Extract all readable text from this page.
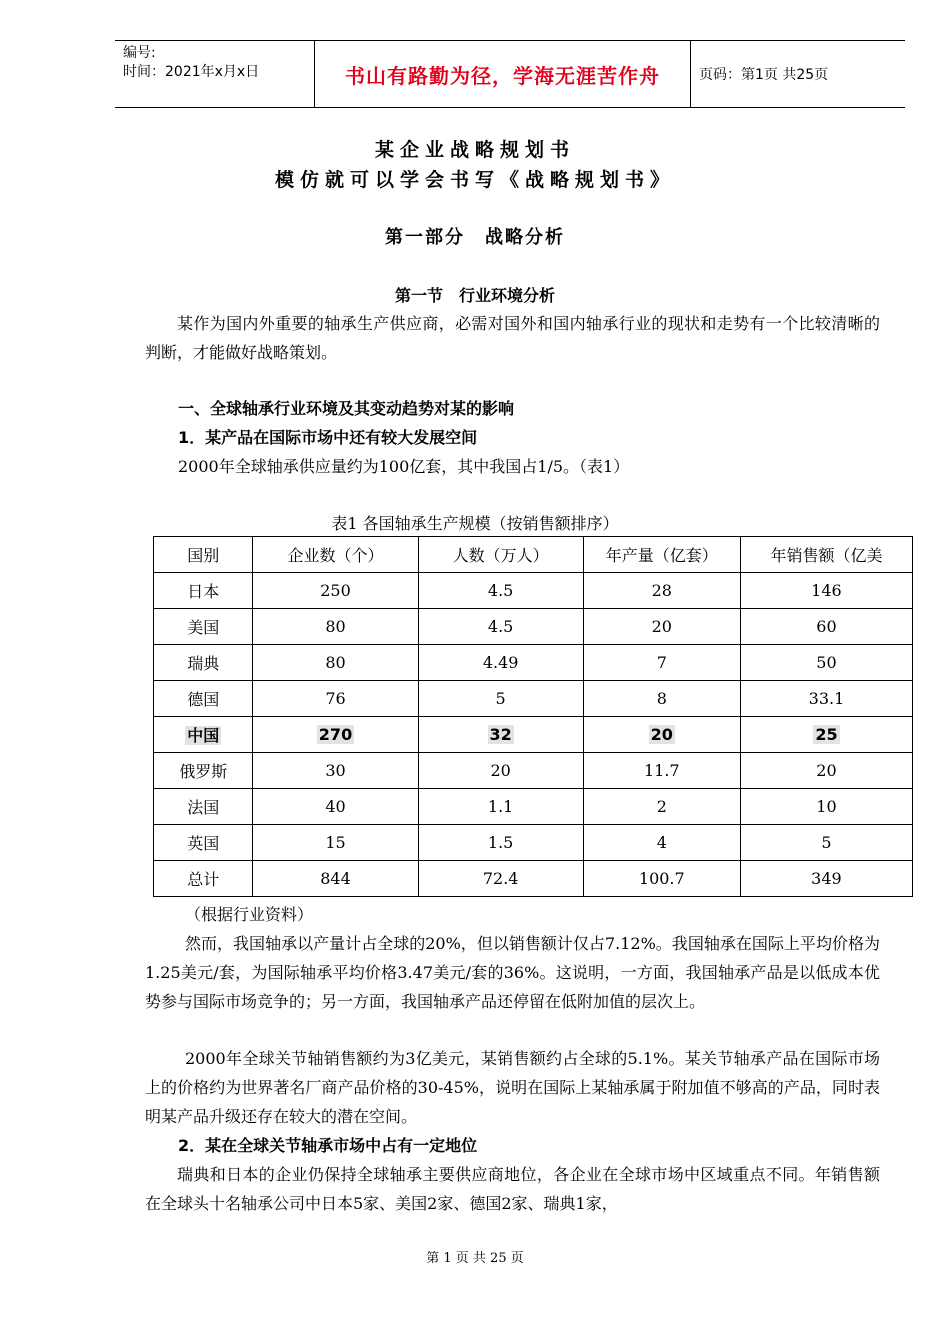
编号:
时间：2021年x月x日	书山有路勤为径，学海无涯苦作舟	页码：第1页 共25页
某企业战略规划书
模仿就可以学会书写《战略规划书》
第一部分　战略分析
第一节　行业环境分析
某作为国内外重要的轴承生产供应商，必需对国外和国内轴承行业的现状和走势有一个比较清晰的判断，才能做好战略策划。
一、全球轴承行业环境及其变动趋势对某的影响
1．某产品在国际市场中还有较大发展空间
2000年全球轴承供应量约为100亿套，其中我国占1/5。（表1）
表1 各国轴承生产规模（按销售额排序）
国别	企业数（个）	人数（万人）	年产量（亿套）	年销售额（亿美
日本	250	4.5	28	146
美国	80	4.5	20	60
瑞典	80	4.49	7	50
德国	76	5	8	33.1
中国	270	32	20	25
俄罗斯	30	20	11.7	20
法国	40	1.1	2	10
英国	15	1.5	4	5
总计	844	72.4	100.7	349
（根据行业资料）
然而，我国轴承以产量计占全球的20%，但以销售额计仅占7.12%。我国轴承在国际上平均价格为1.25美元/套，为国际轴承平均价格3.47美元/套的36%。这说明，一方面，我国轴承产品是以低成本优势参与国际市场竞争的；另一方面，我国轴承产品还停留在低附加值的层次上。
2000年全球关节轴销售额约为3亿美元，某销售额约占全球的5.1%。某关节轴承产品在国际市场上的价格约为世界著名厂商产品价格的30-45%，说明在国际上某轴承属于附加值不够高的产品，同时表明某产品升级还存在较大的潜在空间。
2．某在全球关节轴承市场中占有一定地位
瑞典和日本的企业仍保持全球轴承主要供应商地位，各企业在全球市场中区域重点不同。年销售额在全球头十名轴承公司中日本5家、美国2家、德国2家、瑞典1家，
第 1 页 共 25 页
